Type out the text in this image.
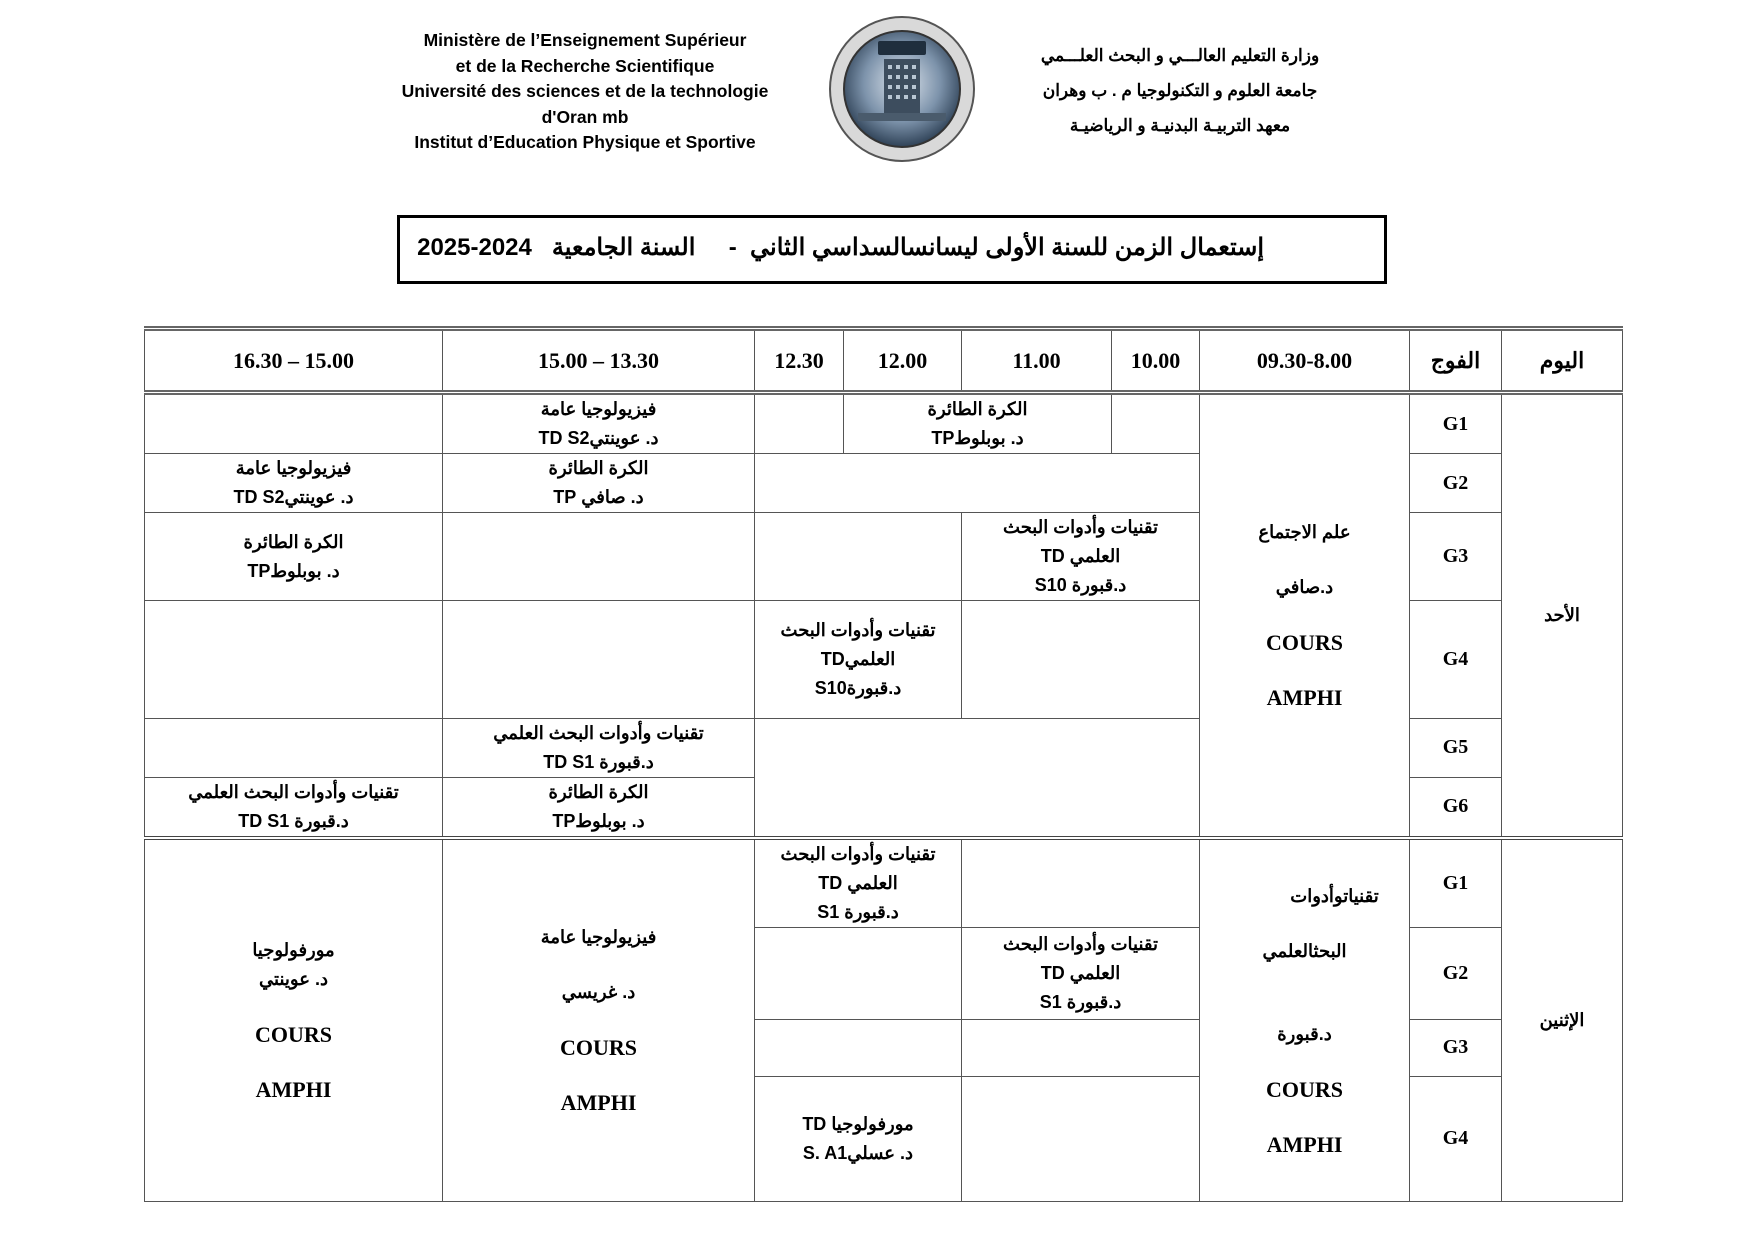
Ministère de l’Enseignement Supérieur
et de la Recherche Scientifique
Université des sciences et de la technologie
d'Oran mb
Institut d’Education Physique et Sportive
وزارة التعليم العالـــي و البحث العلـــمي
جامعة العلوم و التكنولوجيا م . ب وهران
معهد التربيـة البدنيـة و الرياضيـة
إستعمال الزمن للسنة الأولى ليسانسالسداسي الثاني  -     السنة الجامعية   2024-2025
16.30 – 15.00	15.00 – 13.30	12.30	12.00	11.00	10.00	09.30-8.00	الفوج	اليوم

	فيزيولوجيا عامة
د. عوينتيTD S2		الكرة الطائرة
د. بوبلوطTP			علم الاجتماع
د.صافي
COURS
AMPHI	G1	الأحد

فيزيولوجيا عامة
د. عوينتيTD S2	الكرة الطائرة
د. صافي TP						G2	

الكرة الطائرة
د. بوبلوطTP				تقنيات وأدوات البحث
العلمي TD
د.قبورة S10			G3	

		تقنيات وأدوات البحث
العلميTD
د.قبورةS10					G4	

	تقنيات وأدوات البحث العلمي
د.قبورة TD S1						G5	

تقنيات وأدوات البحث العلمي
د.قبورة TD S1	الكرة الطائرة
د. بوبلوطTP						G6	

مورفولوجيا
د. عوينتي
COURS
AMPHI	فيزيولوجيا عامة
د. غريسي
COURS
AMPHI	تقنيات وأدوات البحث
العلمي TD
د.قبورة S1				تقنياتوأدوات
البحثالعلمي
د.قبورة
COURS
AMPHI	G1	الإثنين

				تقنيات وأدوات البحث
العلمي TD
د.قبورة S1			G2	
							G3	

		مورفولوجيا TD
د. عسليS. A1					G4	
